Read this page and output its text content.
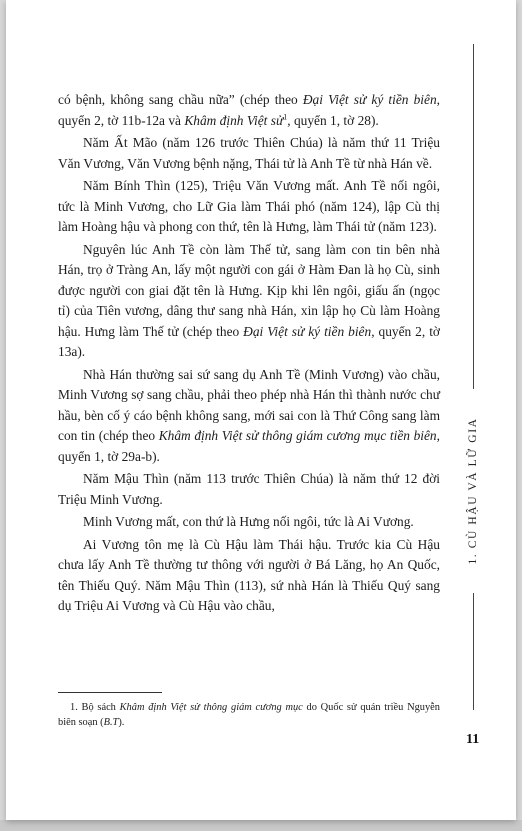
có bệnh, không sang chầu nữa” (chép theo Đại Việt sử ký tiền biên, quyển 2, tờ 11b-12a và Khâm định Việt sử$^1$, quyển 1, tờ 28).

Năm Ất Mão (năm 126 trước Thiên Chúa) là năm thứ 11 Triệu Văn Vương, Văn Vương bệnh nặng, Thái tử là Anh Tề từ nhà Hán về.

Năm Bính Thìn (125), Triệu Văn Vương mất. Anh Tề nối ngôi, tức là Minh Vương, cho Lữ Gia làm Thái phó (năm 124), lập Cù thị làm Hoàng hậu và phong con thứ, tên là Hưng, làm Thái tử (năm 123).

Nguyên lúc Anh Tề còn làm Thế tử, sang làm con tin bên nhà Hán, trọ ở Tràng An, lấy một người con gái ở Hàm Đan là họ Cù, sinh được người con giai đặt tên là Hưng. Kịp khi lên ngôi, giấu ấn (ngọc tỉ) của Tiên vương, dâng thư sang nhà Hán, xin lập họ Cù làm Hoàng hậu. Hưng làm Thế tử (chép theo Đại Việt sử ký tiền biên, quyển 2, tờ 13a).

Nhà Hán thường sai sứ sang dụ Anh Tề (Minh Vương) vào chầu, Minh Vương sợ sang chầu, phải theo phép nhà Hán thì thành nước chư hầu, bèn cố ý cáo bệnh không sang, mới sai con là Thứ Công sang làm con tin (chép theo Khâm định Việt sử thông giám cương mục tiền biên, quyển 1, tờ 29a-b).

Năm Mậu Thìn (năm 113 trước Thiên Chúa) là năm thứ 12 đời Triệu Minh Vương.

Minh Vương mất, con thứ là Hưng nối ngôi, tức là Ai Vương.

Ai Vương tôn mẹ là Cù Hậu làm Thái hậu. Trước kia Cù Hậu chưa lấy Anh Tề thường tư thông với người ở Bá Lăng, họ An Quốc, tên Thiếu Quý. Năm Mậu Thìn (113), sứ nhà Hán là Thiếu Quý sang dụ Triệu Ai Vương và Cù Hậu vào chầu,

1. Bộ sách Khâm định Việt sử thông giám cương mục do Quốc sử quán triều Nguyễn biên soạn (B.T).
1. CÙ HẬU VÀ LỮ GIA
11
